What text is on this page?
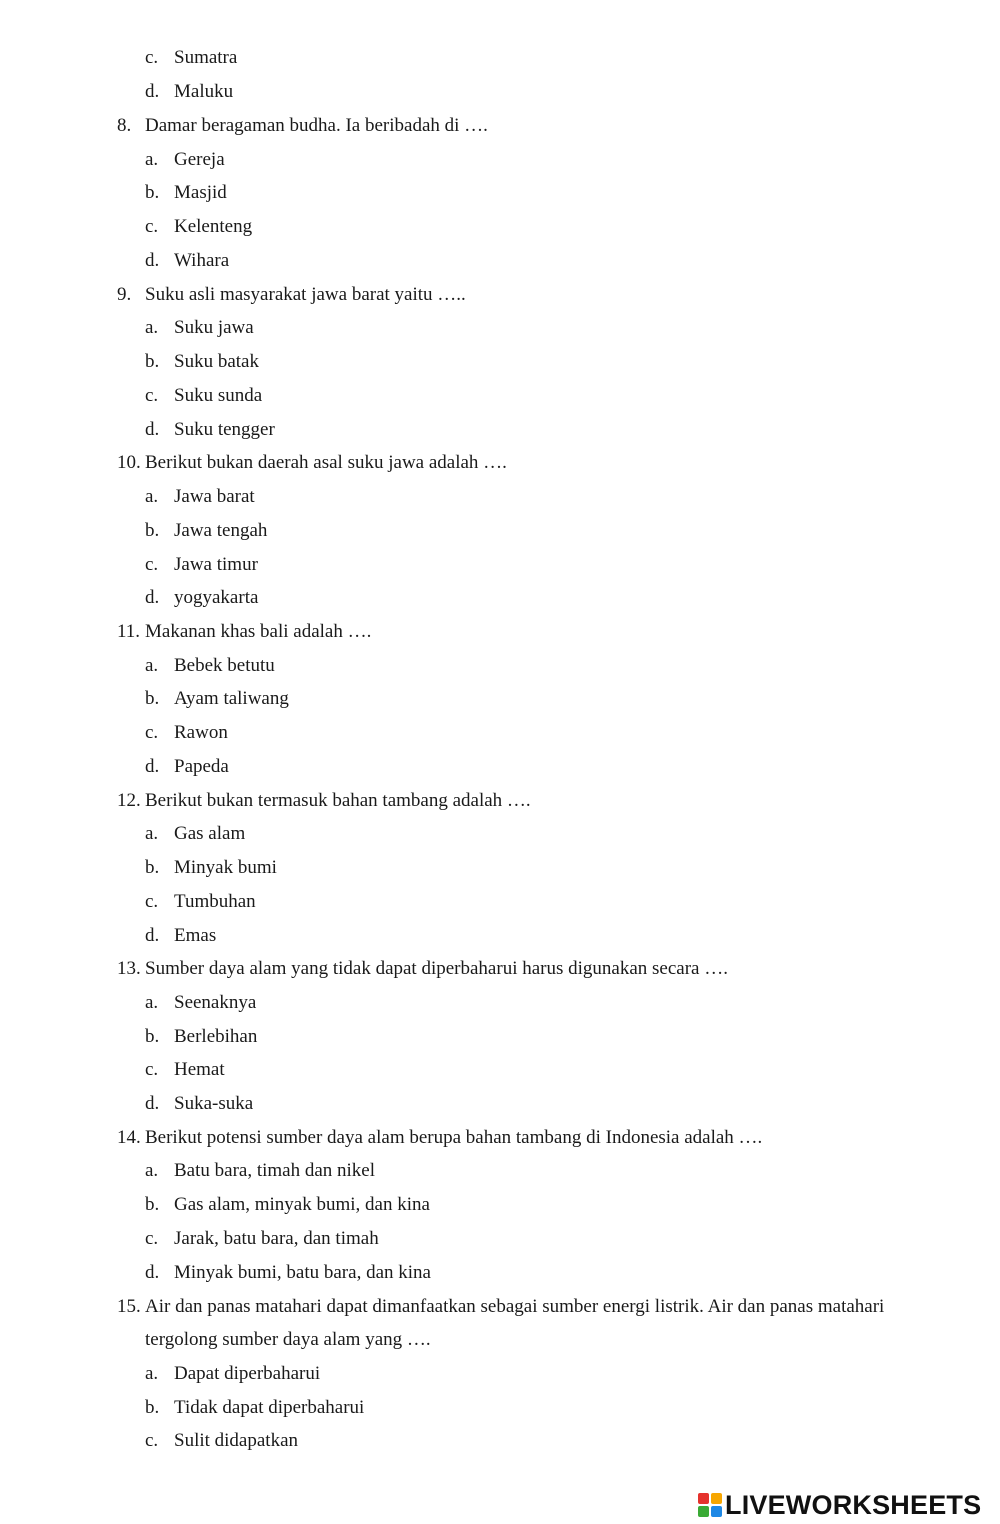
c. Sumatra
d. Maluku
8. Damar beragaman budha. Ia beribadah di ….
a. Gereja
b. Masjid
c. Kelenteng
d. Wihara
9. Suku asli masyarakat jawa barat yaitu …..
a. Suku jawa
b. Suku batak
c. Suku sunda
d. Suku tengger
10. Berikut bukan daerah asal suku jawa adalah ….
a. Jawa barat
b. Jawa tengah
c. Jawa timur
d. yogyakarta
11. Makanan khas bali adalah ….
a. Bebek betutu
b. Ayam taliwang
c. Rawon
d. Papeda
12. Berikut bukan termasuk bahan tambang adalah ….
a. Gas alam
b. Minyak bumi
c. Tumbuhan
d. Emas
13. Sumber daya alam yang tidak dapat diperbaharui harus digunakan secara ….
a. Seenaknya
b. Berlebihan
c. Hemat
d. Suka-suka
14. Berikut potensi sumber daya alam berupa bahan tambang di Indonesia adalah ….
a. Batu bara, timah dan nikel
b. Gas alam, minyak bumi, dan kina
c. Jarak, batu bara, dan timah
d. Minyak bumi, batu bara, dan kina
15. Air dan panas matahari dapat dimanfaatkan sebagai sumber energi listrik. Air dan panas matahari
tergolong sumber daya alam yang ….
a. Dapat diperbaharui
b. Tidak dapat diperbaharui
c. Sulit didapatkan
LIVEWORKSHEETS
